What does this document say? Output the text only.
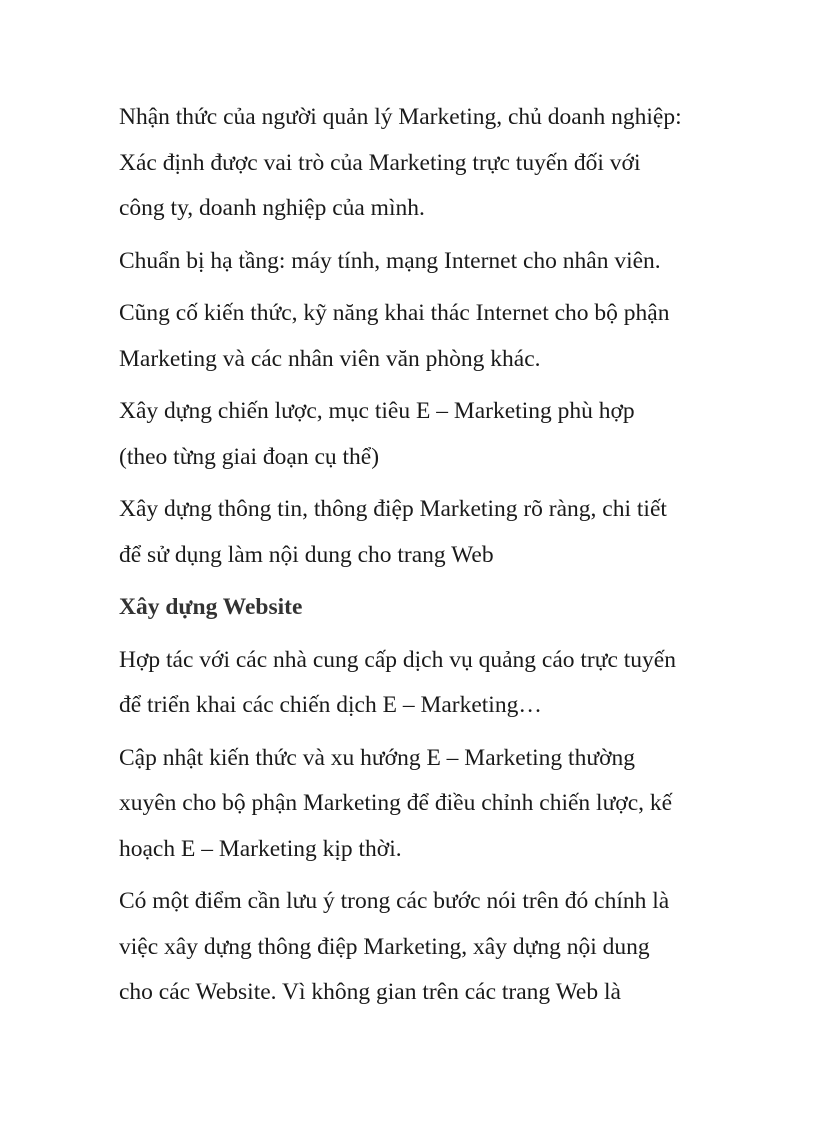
Nhận thức của người quản lý Marketing, chủ doanh nghiệp:
Xác định được vai trò của Marketing trực tuyến đối với
công ty, doanh nghiệp của mình.

Chuẩn bị hạ tầng: máy tính, mạng Internet cho nhân viên.

Cũng cố kiến thức, kỹ năng khai thác Internet cho bộ phận
Marketing và các nhân viên văn phòng khác.

Xây dựng chiến lược, mục tiêu E – Marketing phù hợp
(theo từng giai đoạn cụ thể)

Xây dựng thông tin, thông điệp Marketing rõ ràng, chi tiết
để sử dụng làm nội dung cho trang Web

Xây dựng Website

Hợp tác với các nhà cung cấp dịch vụ quảng cáo trực tuyến
để triển khai các chiến dịch E – Marketing…

Cập nhật kiến thức và xu hướng E – Marketing thường
xuyên cho bộ phận Marketing để điều chỉnh chiến lược, kế
hoạch E – Marketing kịp thời.

Có một điểm cần lưu ý trong các bước nói trên đó chính là
việc xây dựng thông điệp Marketing, xây dựng nội dung
cho các Website. Vì không gian trên các trang Web là
